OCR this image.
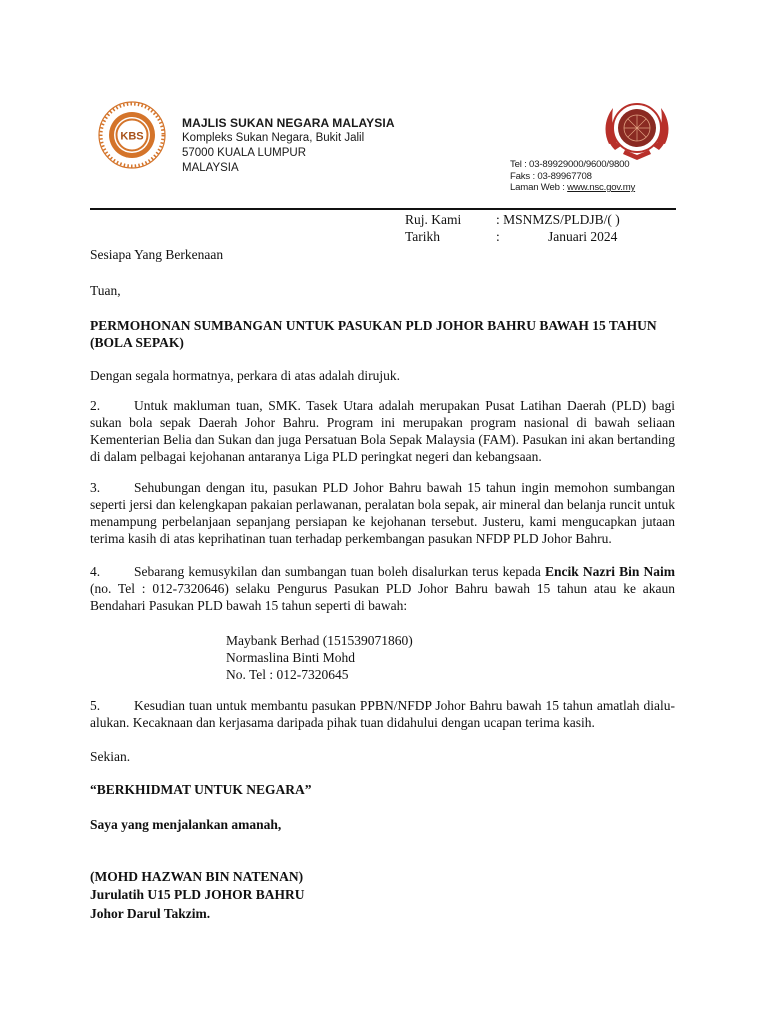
KBS
MAJLIS SUKAN NEGARA MALAYSIA
Kompleks Sukan Negara, Bukit Jalil
57000 KUALA LUMPUR
MALAYSIA	Tel : 03-89929000/9600/9800
Faks : 03-89967708
Laman Web : www.nsc.gov.my
Ruj. Kami	: MSNMZS/PLDJB/( )
Tarikh	:	Januari 2024
Sesiapa Yang Berkenaan
Tuan,
PERMOHONAN SUMBANGAN UNTUK PASUKAN PLD JOHOR BAHRU BAWAH 15 TAHUN
(BOLA SEPAK)
Dengan segala hormatnya, perkara di atas adalah dirujuk.
2.	Untuk makluman tuan, SMK. Tasek Utara adalah merupakan Pusat Latihan Daerah (PLD) bagi sukan bola sepak Daerah Johor Bahru. Program ini merupakan program nasional di bawah seliaan Kementerian Belia dan Sukan dan juga Persatuan Bola Sepak Malaysia (FAM). Pasukan ini akan bertanding di dalam pelbagai kejohanan antaranya Liga PLD peringkat negeri dan kebangsaan.
3.	Sehubungan dengan itu, pasukan PLD Johor Bahru bawah 15 tahun ingin memohon sumbangan seperti jersi dan kelengkapan pakaian perlawanan, peralatan bola sepak, air mineral dan belanja runcit untuk menampung perbelanjaan sepanjang persiapan ke kejohanan tersebut. Justeru, kami mengucapkan jutaan terima kasih di atas keprihatinan tuan terhadap perkembangan pasukan NFDP PLD Johor Bahru.
4.	Sebarang kemusykilan dan sumbangan tuan boleh disalurkan terus kepada Encik Nazri Bin Naim (no. Tel : 012-7320646) selaku Pengurus Pasukan PLD Johor Bahru bawah 15 tahun atau ke akaun Bendahari Pasukan PLD bawah 15 tahun seperti di bawah:
Maybank Berhad (151539071860)
Normaslina Binti Mohd
No. Tel : 012-7320645
5.	Kesudian tuan untuk membantu pasukan PPBN/NFDP Johor Bahru bawah 15 tahun amatlah dialu-alukan. Kecaknaan dan kerjasama daripada pihak tuan didahului dengan ucapan terima kasih.
Sekian.
“BERKHIDMAT UNTUK NEGARA”
Saya yang menjalankan amanah,
(MOHD HAZWAN BIN NATENAN)
Jurulatih U15 PLD JOHOR BAHRU
Johor Darul Takzim.
